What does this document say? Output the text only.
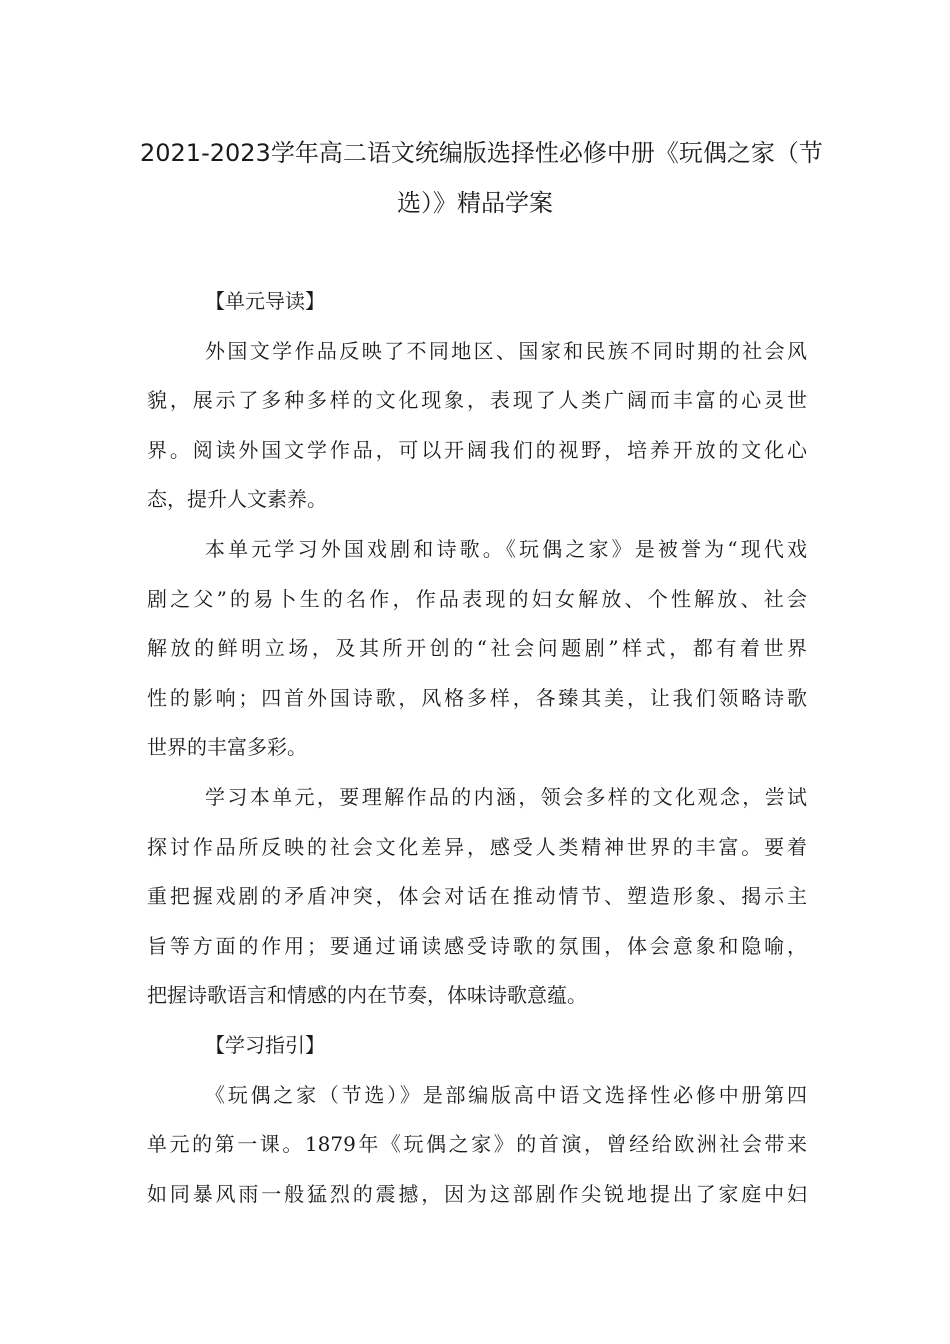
2021-2023学年高二语文统编版选择性必修中册《玩偶之家（节
选）》精品学案
【单元导读】
外国文学作品反映了不同地区、国家和民族不同时期的社会风
貌，展示了多种多样的文化现象，表现了人类广阔而丰富的心灵世
界。阅读外国文学作品，可以开阔我们的视野，培养开放的文化心
态，提升人文素养。
本单元学习外国戏剧和诗歌。《玩偶之家》是被誉为“现代戏
剧之父”的易卜生的名作，作品表现的妇女解放、个性解放、社会
解放的鲜明立场，及其所开创的“社会问题剧”样式，都有着世界
性的影响；四首外国诗歌，风格多样，各臻其美，让我们领略诗歌
世界的丰富多彩。
学习本单元，要理解作品的内涵，领会多样的文化观念，尝试
探讨作品所反映的社会文化差异，感受人类精神世界的丰富。要着
重把握戏剧的矛盾冲突，体会对话在推动情节、塑造形象、揭示主
旨等方面的作用；要通过诵读感受诗歌的氛围，体会意象和隐喻，
把握诗歌语言和情感的内在节奏，体味诗歌意蕴。
【学习指引】
《玩偶之家（节选）》是部编版高中语文选择性必修中册第四
单元的第一课。1879年《玩偶之家》的首演，曾经给欧洲社会带来
如同暴风雨一般猛烈的震撼，因为这部剧作尖锐地提出了家庭中妇
